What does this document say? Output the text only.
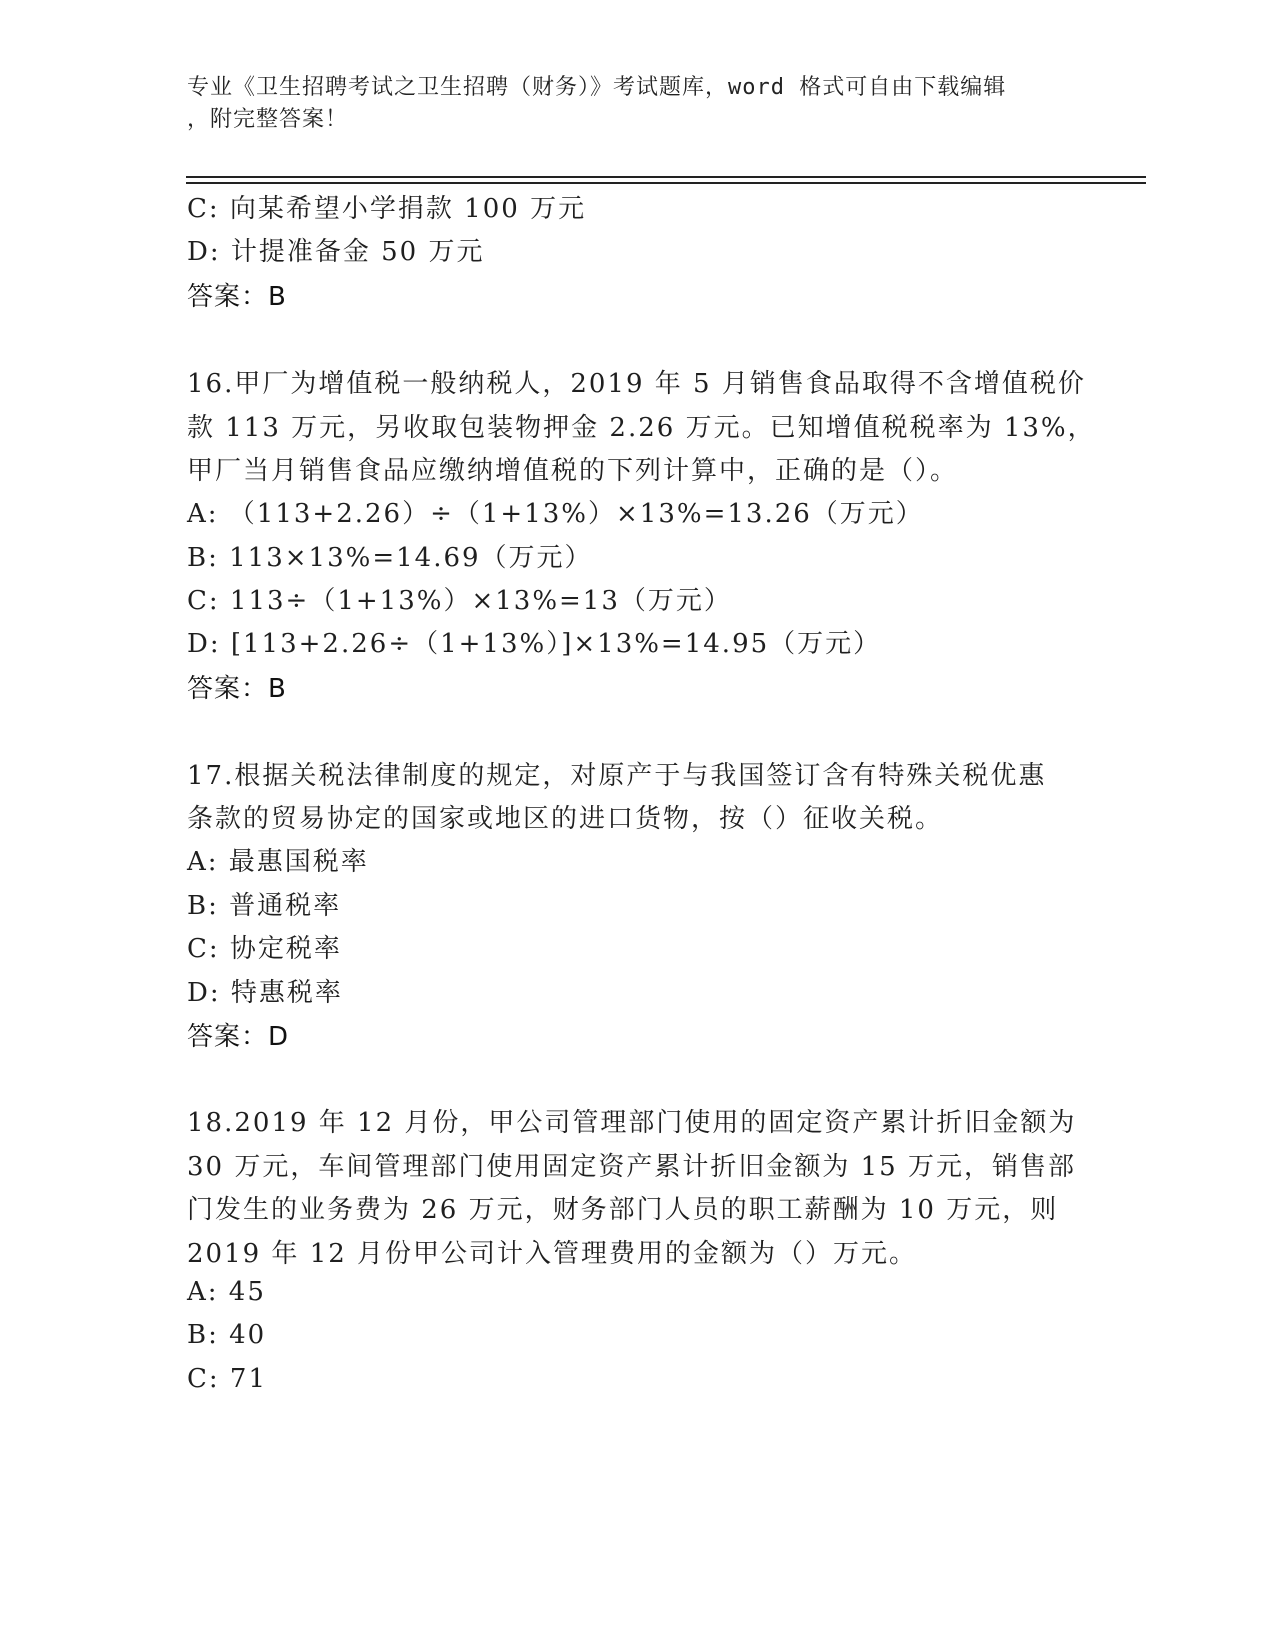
专业《卫生招聘考试之卫生招聘（财务）》考试题库，word 格式可自由下载编辑
，附完整答案！
C: 向某希望小学捐款 100 万元
D: 计提准备金 50 万元
答案：B
16.甲厂为增值税一般纳税人，2019 年 5 月销售食品取得不含增值税价
款 113 万元，另收取包装物押金 2.26 万元。已知增值税税率为 13%，
甲厂当月销售食品应缴纳增值税的下列计算中，正确的是（）。
A: （113+2.26）÷（1+13%）×13%=13.26（万元）
B: 113×13%=14.69（万元）
C: 113÷（1+13%）×13%=13（万元）
D: [113+2.26÷（1+13%）]×13%=14.95（万元）
答案：B
17.根据关税法律制度的规定，对原产于与我国签订含有特殊关税优惠
条款的贸易协定的国家或地区的进口货物，按（）征收关税。
A: 最惠国税率
B: 普通税率
C: 协定税率
D: 特惠税率
答案：D
18.2019 年 12 月份，甲公司管理部门使用的固定资产累计折旧金额为
30 万元，车间管理部门使用固定资产累计折旧金额为 15 万元，销售部
门发生的业务费为 26 万元，财务部门人员的职工薪酬为 10 万元，则
2019 年 12 月份甲公司计入管理费用的金额为（）万元。
A: 45
B: 40
C: 71
